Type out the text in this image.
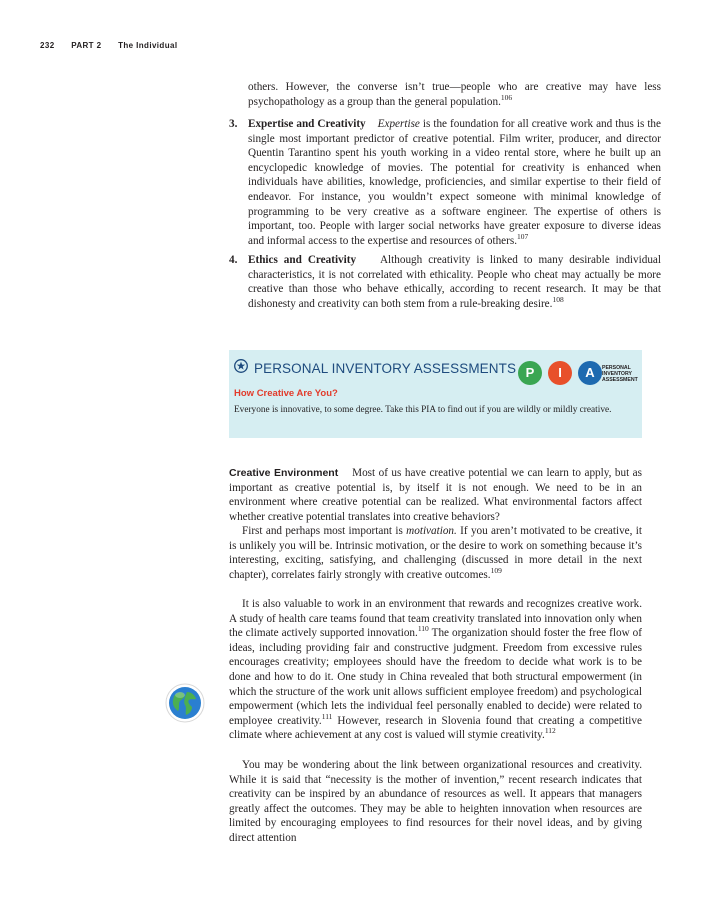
232 PART 2 The Individual

others. However, the converse isn’t true—people who are creative may have less psychopathology as a group than the general population.$^{106}$

3. Expertise and Creativity Expertise is the foundation for all creative work and thus is the single most important predictor of creative potential. Film writer, producer, and director Quentin Tarantino spent his youth working in a video rental store, where he built up an encyclopedic knowledge of movies. The potential for creativity is enhanced when individuals have abilities, knowledge, proficiencies, and similar expertise to their field of endeavor. For instance, you wouldn’t expect someone with minimal knowledge of programming to be very creative as a software engineer. The expertise of others is important, too. People with larger social networks have greater exposure to diverse ideas and informal access to the expertise and resources of others.$^{107}$

4. Ethics and Creativity Although creativity is linked to many desirable individual characteristics, it is not correlated with ethicality. People who cheat may actually be more creative than those who behave ethically, according to recent research. It may be that dishonesty and creativity can both stem from a rule-breaking desire.$^{108}$

PERSONAL INVENTORY ASSESSMENTS P	I	A	PERSONAL
INVENTORY
ASSESSMENT
How Creative Are You?
Everyone is innovative, to some degree. Take this PIA to find out if you are wildly or mildly creative.

Creative Environment Most of us have creative potential we can learn to apply, but as important as creative potential is, by itself it is not enough. We need to be in an environment where creative potential can be realized. What environmental factors affect whether creative potential translates into creative behaviors?

First and perhaps most important is motivation. If you aren’t motivated to be creative, it is unlikely you will be. Intrinsic motivation, or the desire to work on something because it’s interesting, exciting, satisfying, and challenging (discussed in more detail in the next chapter), correlates fairly strongly with creative outcomes.$^{109}$

It is also valuable to work in an environment that rewards and recognizes creative work. A study of health care teams found that team creativity translated into innovation only when the climate actively supported innovation.$^{110}$ The organization should foster the free flow of ideas, including providing fair and constructive judgment. Freedom from excessive rules encourages creativity; employees should have the freedom to decide what work is to be done and how to do it. One study in China revealed that both structural empowerment (in which the structure of the work unit allows sufficient employee freedom) and psychological empowerment (which lets the individual feel personally enabled to decide) were related to employee creativity.$^{111}$ However, research in Slovenia found that creating a competitive climate where achievement at any cost is valued will stymie creativity.$^{112}$

You may be wondering about the link between organizational resources and creativity. While it is said that “necessity is the mother of invention,” recent research indicates that creativity can be inspired by an abundance of resources as well. It appears that managers greatly affect the outcomes. They may be able to heighten innovation when resources are limited by encouraging employees to find resources for their novel ideas, and by giving direct attention
